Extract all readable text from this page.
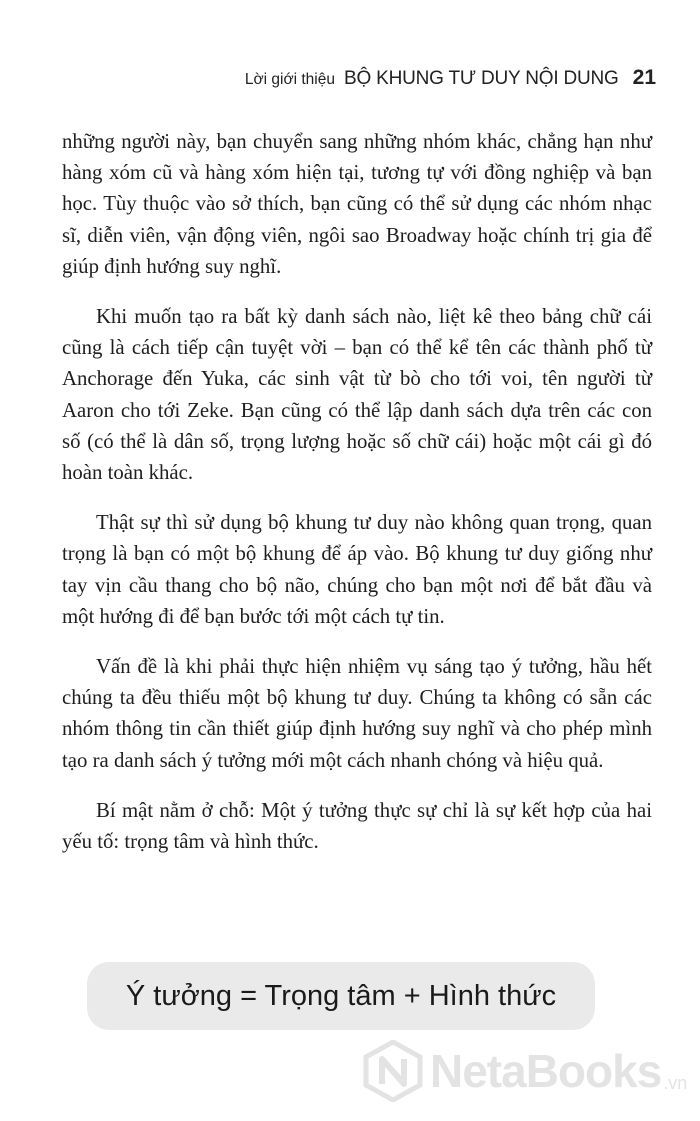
Lời giới thiệu BỘ KHUNG TƯ DUY NỘI DUNG 21

những người này, bạn chuyển sang những nhóm khác, chẳng hạn như hàng xóm cũ và hàng xóm hiện tại, tương tự với đồng nghiệp và bạn học. Tùy thuộc vào sở thích, bạn cũng có thể sử dụng các nhóm nhạc sĩ, diễn viên, vận động viên, ngôi sao Broadway hoặc chính trị gia để giúp định hướng suy nghĩ.

Khi muốn tạo ra bất kỳ danh sách nào, liệt kê theo bảng chữ cái cũng là cách tiếp cận tuyệt vời – bạn có thể kể tên các thành phố từ Anchorage đến Yuka, các sinh vật từ bò cho tới voi, tên người từ Aaron cho tới Zeke. Bạn cũng có thể lập danh sách dựa trên các con số (có thể là dân số, trọng lượng hoặc số chữ cái) hoặc một cái gì đó hoàn toàn khác.

Thật sự thì sử dụng bộ khung tư duy nào không quan trọng, quan trọng là bạn có một bộ khung để áp vào. Bộ khung tư duy giống như tay vịn cầu thang cho bộ não, chúng cho bạn một nơi để bắt đầu và một hướng đi để bạn bước tới một cách tự tin.

Vấn đề là khi phải thực hiện nhiệm vụ sáng tạo ý tưởng, hầu hết chúng ta đều thiếu một bộ khung tư duy. Chúng ta không có sẵn các nhóm thông tin cần thiết giúp định hướng suy nghĩ và cho phép mình tạo ra danh sách ý tưởng mới một cách nhanh chóng và hiệu quả.

Bí mật nằm ở chỗ: Một ý tưởng thực sự chỉ là sự kết hợp của hai yếu tố: trọng tâm và hình thức.

Ý tưởng = Trọng tâm + Hình thức
NetaBooks .vn
